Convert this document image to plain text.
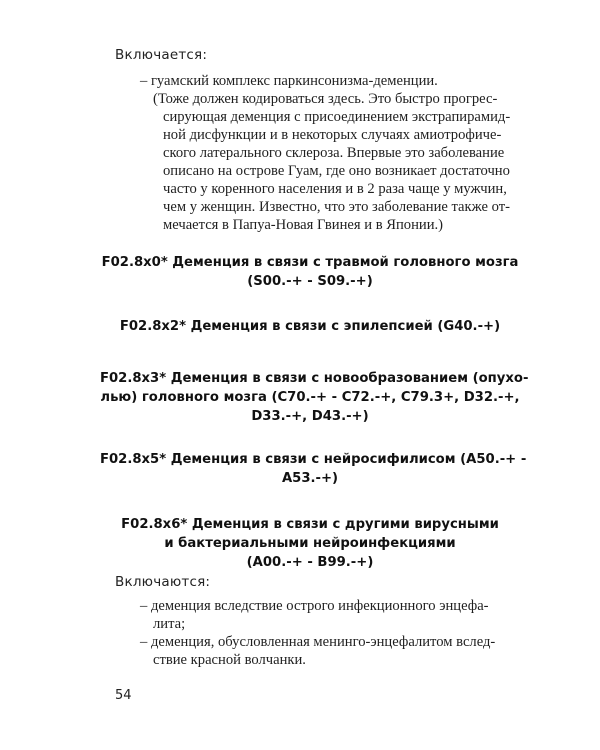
Включается:
– гуамский комплекс паркинсонизма-деменции.
(Тоже должен кодироваться здесь. Это быстро прогрес-
сирующая деменция с присоединением экстрапирамид-
ной дисфункции и в некоторых случаях амиотрофиче-
ского латерального склероза. Впервые это заболевание
описано на острове Гуам, где оно возникает достаточно
часто у коренного населения и в 2 раза чаще у мужчин,
чем у женщин. Известно, что это заболевание также от-
мечается в Папуа-Новая Гвинея и в Японии.)
F02.8x0* Деменция в связи с травмой головного мозга
(S00.-+ - S09.-+)
F02.8x2* Деменция в связи с эпилепсией (G40.-+)
F02.8x3* Деменция в связи с новообразованием (опухо-
лью) головного мозга (C70.-+ - C72.-+, C79.3+, D32.-+,
D33.-+, D43.-+)
F02.8x5* Деменция в связи с нейросифилисом (A50.-+ -
A53.-+)
F02.8x6* Деменция в связи с другими вирусными
и бактериальными нейроинфекциями
(A00.-+ - B99.-+)
Включаются:
– деменция вследствие острого инфекционного энцефа-
лита;
– деменция, обусловленная менинго-энцефалитом вслед-
ствие красной волчанки.
54
